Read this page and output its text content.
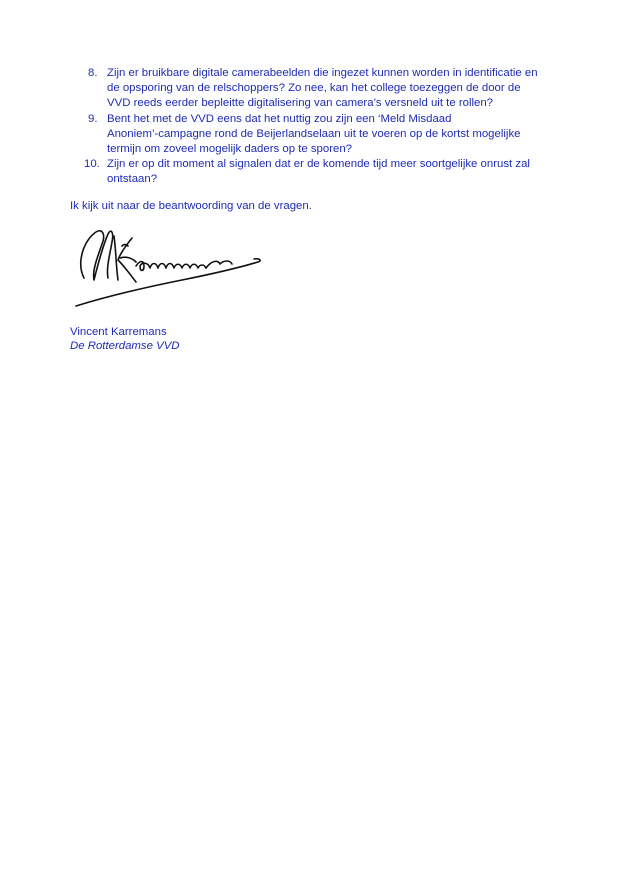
8. Zijn er bruikbare digitale camerabeelden die ingezet kunnen worden in identificatie en
de opsporing van de relschoppers? Zo nee, kan het college toezeggen de door de
VVD reeds eerder bepleitte digitalisering van camera’s versneld uit te rollen?
9. Bent het met de VVD eens dat het nuttig zou zijn een ‘Meld Misdaad
Anoniem’-campagne rond de Beijerlandselaan uit te voeren op de kortst mogelijke
termijn om zoveel mogelijk daders op te sporen?
10. Zijn er op dit moment al signalen dat er de komende tijd meer soortgelijke onrust zal
ontstaan?

Ik kijk uit naar de beantwoording van de vragen.

Vincent Karremans
De Rotterdamse VVD
